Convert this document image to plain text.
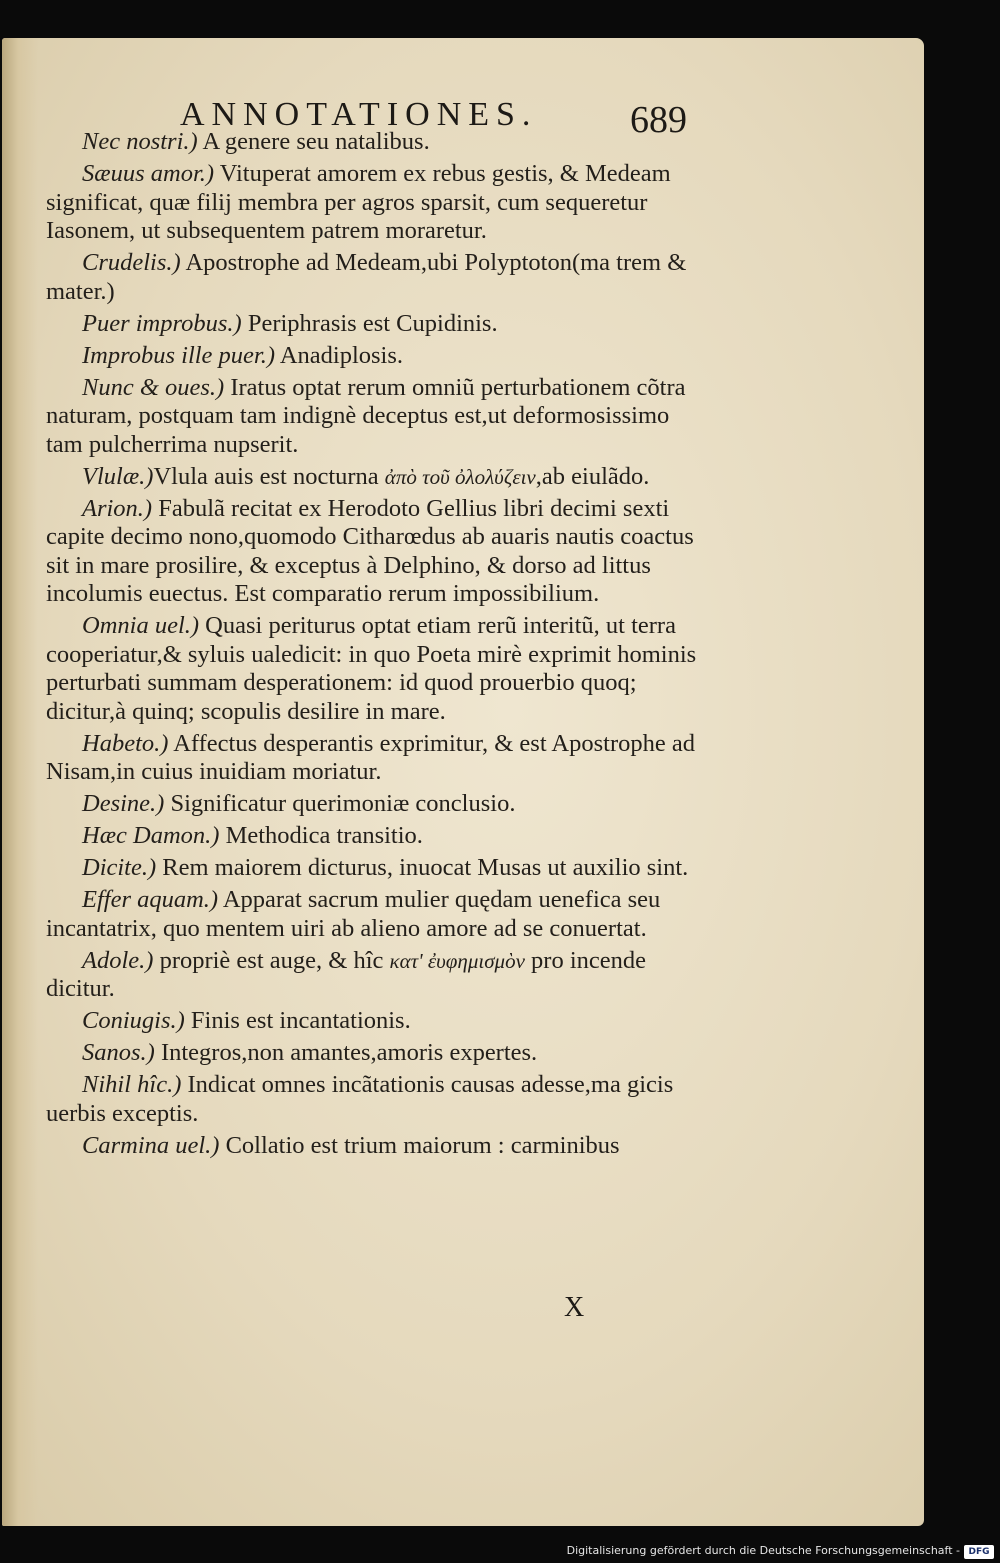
ANNOTATIONES. 689

Nec nostri.) A genere seu natalibus.

Sæuus amor.) Vituperat amorem ex rebus gestis, & Medeam significat, quæ filij membra per agros sparsit, cum sequeretur Iasonem, ut subsequentem patrem moraretur.

Crudelis.) Apostrophe ad Medeam,ubi Polyptoton(ma trem & mater.)

Puer improbus.) Periphrasis est Cupidinis.

Improbus ille puer.) Anadiplosis.

Nunc & oues.) Iratus optat rerum omniũ perturbationem cõtra naturam, postquam tam indignè deceptus est,ut deformosissimo tam pulcherrima nupserit.

Vlulæ.)Vlula auis est nocturna ἀπὸ τοῦ ὀλολύζειν,ab eiulãdo.

Arion.) Fabulã recitat ex Herodoto Gellius libri decimi sexti capite decimo nono,quomodo Citharœdus ab auaris nautis coactus sit in mare prosilire, & exceptus à Delphino, & dorso ad littus incolumis euectus. Est comparatio rerum impossibilium.

Omnia uel.) Quasi periturus optat etiam rerũ interitũ, ut terra cooperiatur,& syluis ualedicit: in quo Poeta mirè exprimit hominis perturbati summam desperationem: id quod prouerbio quoq; dicitur,à quinq; scopulis desilire in mare.

Habeto.) Affectus desperantis exprimitur, & est Apostrophe ad Nisam,in cuius inuidiam moriatur.

Desine.) Significatur querimoniæ conclusio.

Hæc Damon.) Methodica transitio.

Dicite.) Rem maiorem dicturus, inuocat Musas ut auxilio sint.

Effer aquam.) Apparat sacrum mulier quędam uenefica seu incantatrix, quo mentem uiri ab alieno amore ad se conuertat.

Adole.) propriè est auge, & hîc κατ' ἐυφημισμὸν pro incende dicitur.

Coniugis.) Finis est incantationis.

Sanos.) Integros,non amantes,amoris expertes.

Nihil hîc.) Indicat omnes incãtationis causas adesse,ma gicis uerbis exceptis.

Carmina uel.) Collatio est trium maiorum : carminibus

X
Digitalisierung gefördert durch die Deutsche Forschungsgemeinschaft - DFG
